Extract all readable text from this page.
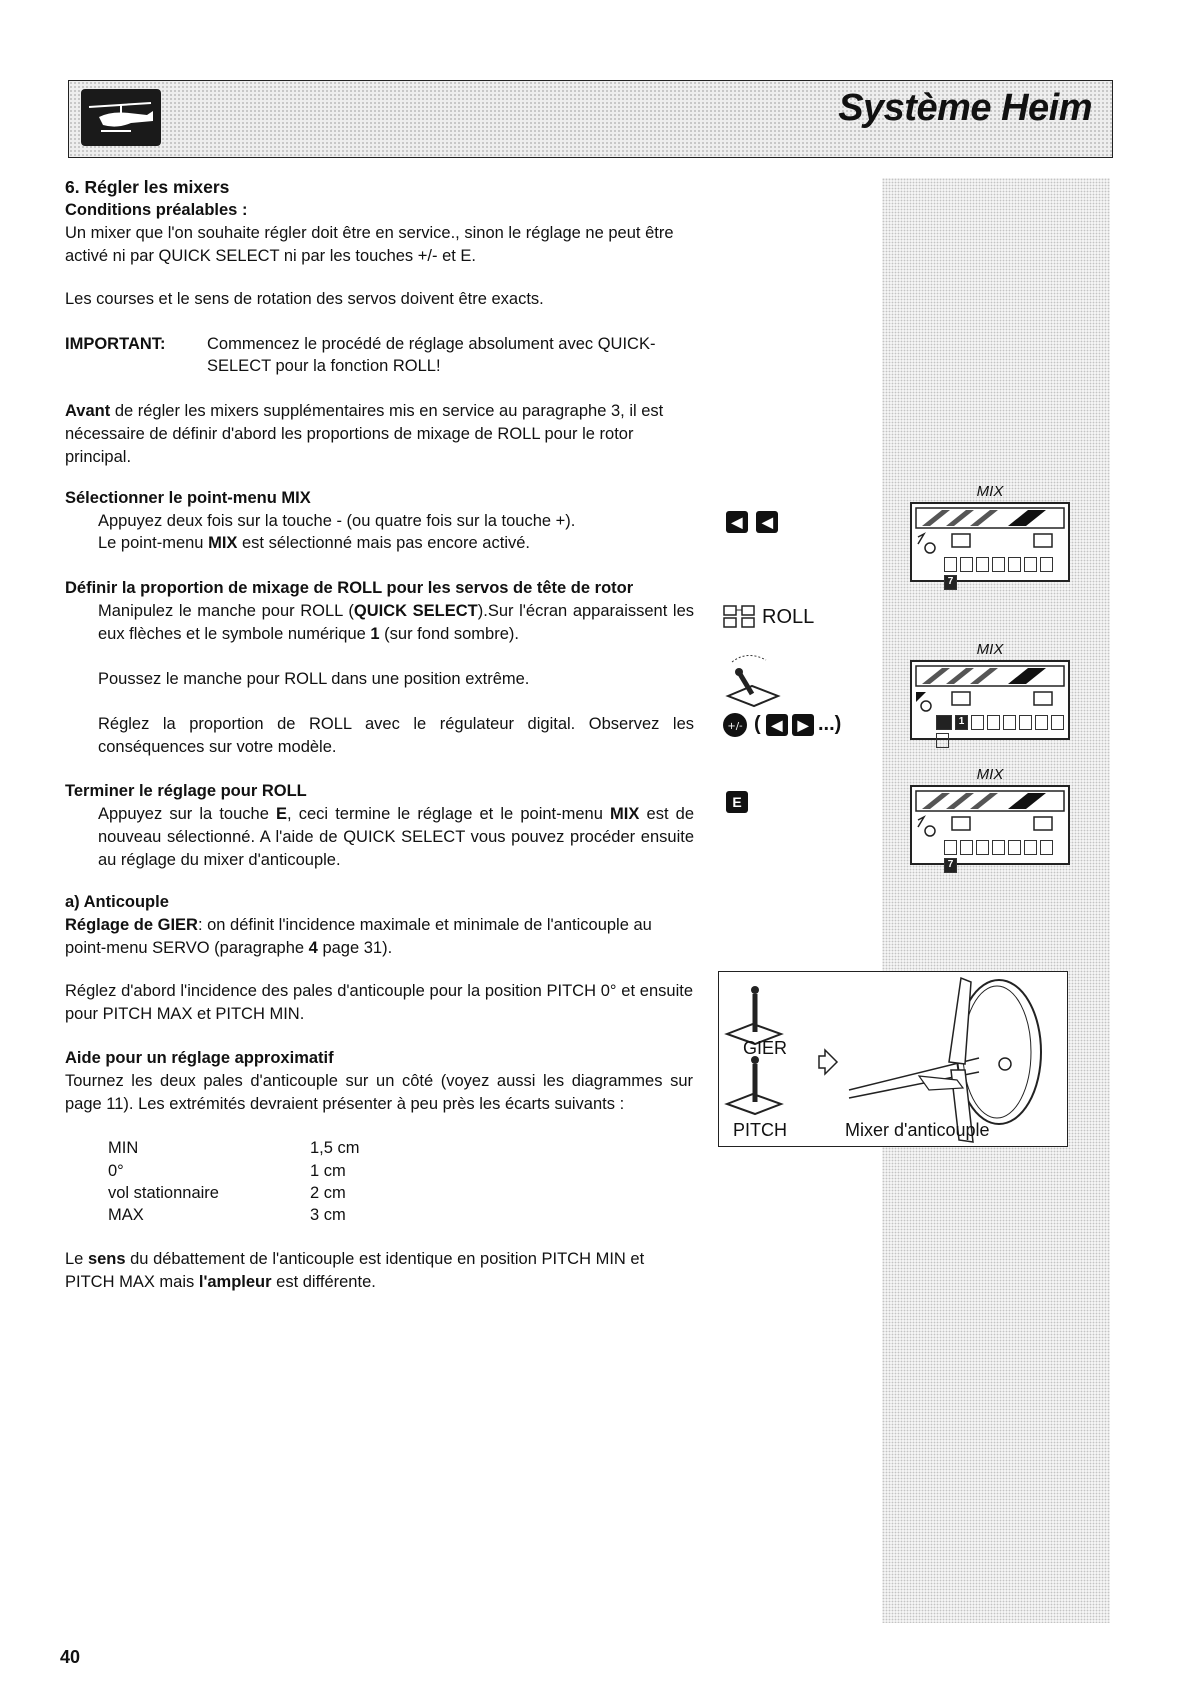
Système Heim
6. Régler les mixers
Conditions préalables :
Un mixer que l'on souhaite régler doit être en service., sinon le réglage ne peut être activé ni par QUICK SELECT ni par les touches +/- et E.
Les courses et le sens de rotation des servos doivent être exacts.
IMPORTANT:	Commencez le procédé de réglage absolument avec QUICK-
SELECT pour la fonction ROLL!
Avant de régler les mixers supplémentaires mis en service au paragraphe 3, il est nécessaire de définir d'abord les proportions de mixage de ROLL pour le rotor principal.
Sélectionner le point-menu MIX
Appuyez deux fois sur la touche - (ou quatre fois sur la touche +).
Le point-menu MIX est sélectionné mais pas encore activé.
Définir la proportion de mixage de ROLL pour les servos de tête de rotor
Manipulez le manche pour ROLL (QUICK SELECT).Sur l'écran apparaissent les eux flèches et le symbole numérique 1 (sur fond sombre).
Poussez le manche pour ROLL dans une position extrême.
Réglez la proportion de ROLL avec le régulateur digital. Observez les conséquences sur votre modèle.
Terminer le réglage pour ROLL
Appuyez sur la touche E, ceci termine le réglage et le point-menu MIX est de nouveau sélectionné. A l'aide de QUICK SELECT vous pouvez procéder ensuite au réglage du mixer d'anticouple.
a) Anticouple
Réglage de GIER: on définit l'incidence maximale et minimale de l'anticouple au point-menu SERVO (paragraphe 4 page 31).
Réglez d'abord l'incidence des pales d'anticouple pour la position PITCH 0° et ensuite pour PITCH MAX et PITCH MIN.
Aide pour un réglage approximatif
Tournez les deux pales d'anticouple sur un côté (voyez aussi les diagrammes sur page 11). Les extrémités devraient présenter à peu près les écarts suivants :
MIN	1,5 cm
0°	1 cm
vol stationnaire	2 cm
MAX	3 cm
Le sens du débattement de l'anticouple est identique en position PITCH MIN et PITCH MAX mais l'ampleur est différente.
40
◀ ◀
MIX
7
ROLL
MIX
1
+/- ( ◀	▶ ...)
E
MIX
7
GIER
PITCH	Mixer d'anticouple
